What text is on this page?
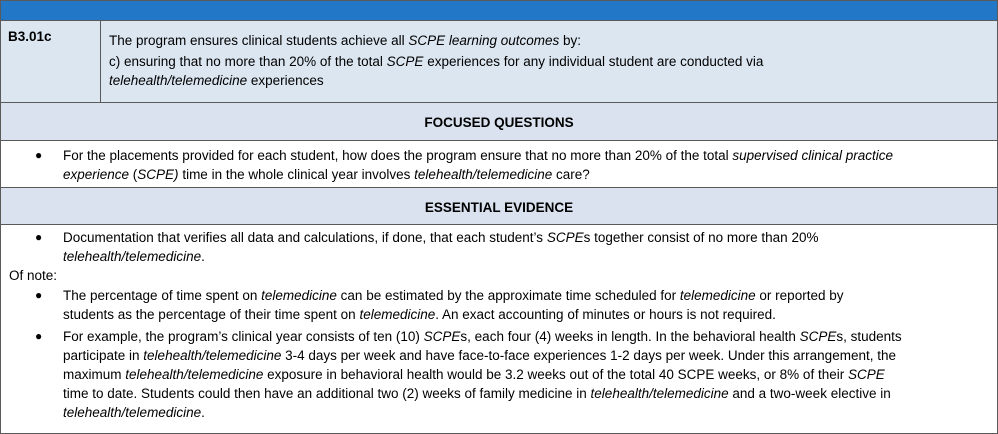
B3.01c	The program ensures clinical students achieve all SCPE learning outcomes by:

c) ensuring that no more than 20% of the total SCPE experiences for any individual student are conducted via
telehealth/telemedicine experiences

FOCUSED QUESTIONS
● For the placements provided for each student, how does the program ensure that no more than 20% of the total supervised clinical practice
experience (SCPE) time in the whole clinical year involves telehealth/telemedicine care?
ESSENTIAL EVIDENCE
● Documentation that verifies all data and calculations, if done, that each student’s SCPEs together consist of no more than 20%
telehealth/telemedicine.
Of note:
● The percentage of time spent on telemedicine can be estimated by the approximate time scheduled for telemedicine or reported by
students as the percentage of their time spent on telemedicine. An exact accounting of minutes or hours is not required.
● For example, the program’s clinical year consists of ten (10) SCPEs, each four (4) weeks in length. In the behavioral health SCPEs, students
participate in telehealth/telemedicine 3-4 days per week and have face-to-face experiences 1-2 days per week. Under this arrangement, the
maximum telehealth/telemedicine exposure in behavioral health would be 3.2 weeks out of the total 40 SCPE weeks, or 8% of their SCPE
time to date. Students could then have an additional two (2) weeks of family medicine in telehealth/telemedicine and a two-week elective in
telehealth/telemedicine.
